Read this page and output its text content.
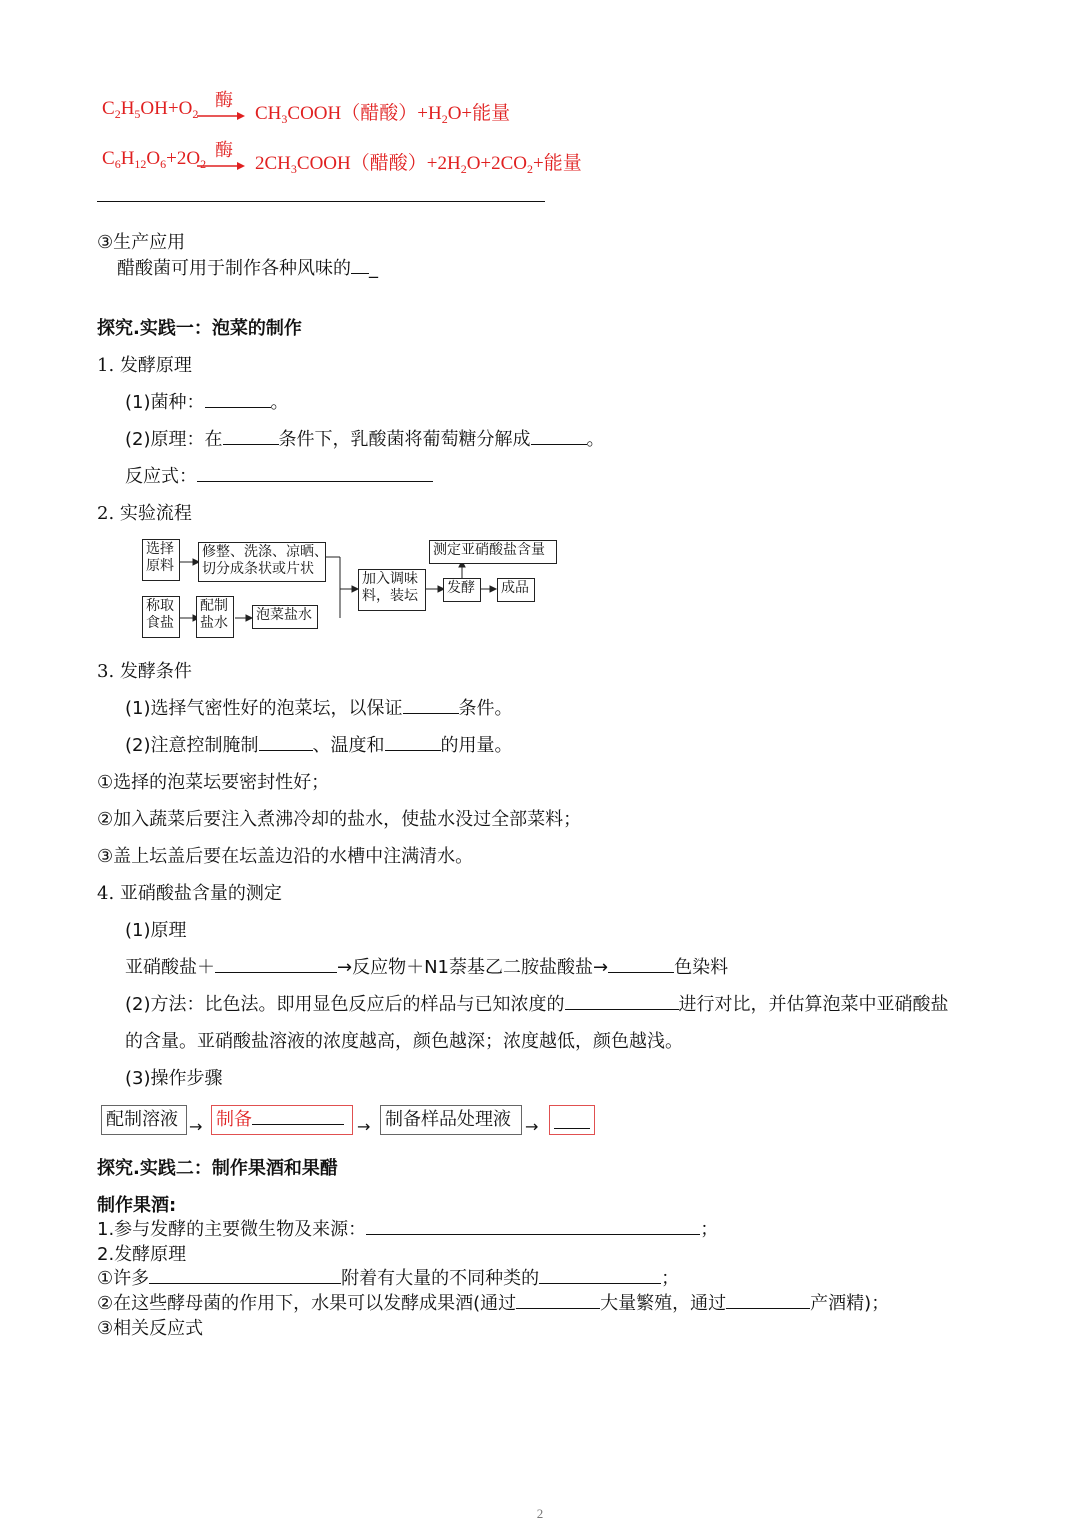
$C_2H_5OH+O_2$
酶
$CH_3COOH$（醋酸）$+H_2O+$能量
$C_6H_{12}O_6+2O_2$
酶
$2CH_3COOH$（醋酸）$+2H_2O+2CO_2+$能量
③生产应用
醋酸菌可用于制作各种风味的 _
探究.实践一：泡菜的制作
1. 发酵原理
(1)菌种：	。
(2)原理：在	条件下，乳酸菌将葡萄糖分解成	。
反应式：
2. 实验流程
选择
原料
修整、洗涤、凉晒、
切分成条状或片状
称取
食盐
配制
盐水	泡菜盐水
加入调味
料，装坛
测定亚硝酸盐含量
发酵	成品
3. 发酵条件
(1)选择气密性好的泡菜坛，以保证	条件。
(2)注意控制腌制	、温度和	的用量。
①选择的泡菜坛要密封性好；
②加入蔬菜后要注入煮沸冷却的盐水，使盐水没过全部菜料；
③盖上坛盖后要在坛盖边沿的水槽中注满清水。
4. 亚硝酸盐含量的测定
(1)原理
亚硝酸盐＋	→反应物＋N1萘基乙二胺盐酸盐→	色染料
(2)方法：比色法。即用显色反应后的样品与已知浓度的	进行对比，并估算泡菜中亚硝酸盐
的含量。亚硝酸盐溶液的浓度越高，颜色越深；浓度越低，颜色越浅。
(3)操作步骤
配制溶液 → 制备	→ 制备样品处理液 →
探究.实践二：制作果酒和果醋
制作果酒:
1.参与发酵的主要微生物及来源：	；
2.发酵原理
①许多	附着有大量的不同种类的	；
②在这些酵母菌的作用下，水果可以发酵成果酒(通过	大量繁殖，通过	产酒精)；
③相关反应式
2
